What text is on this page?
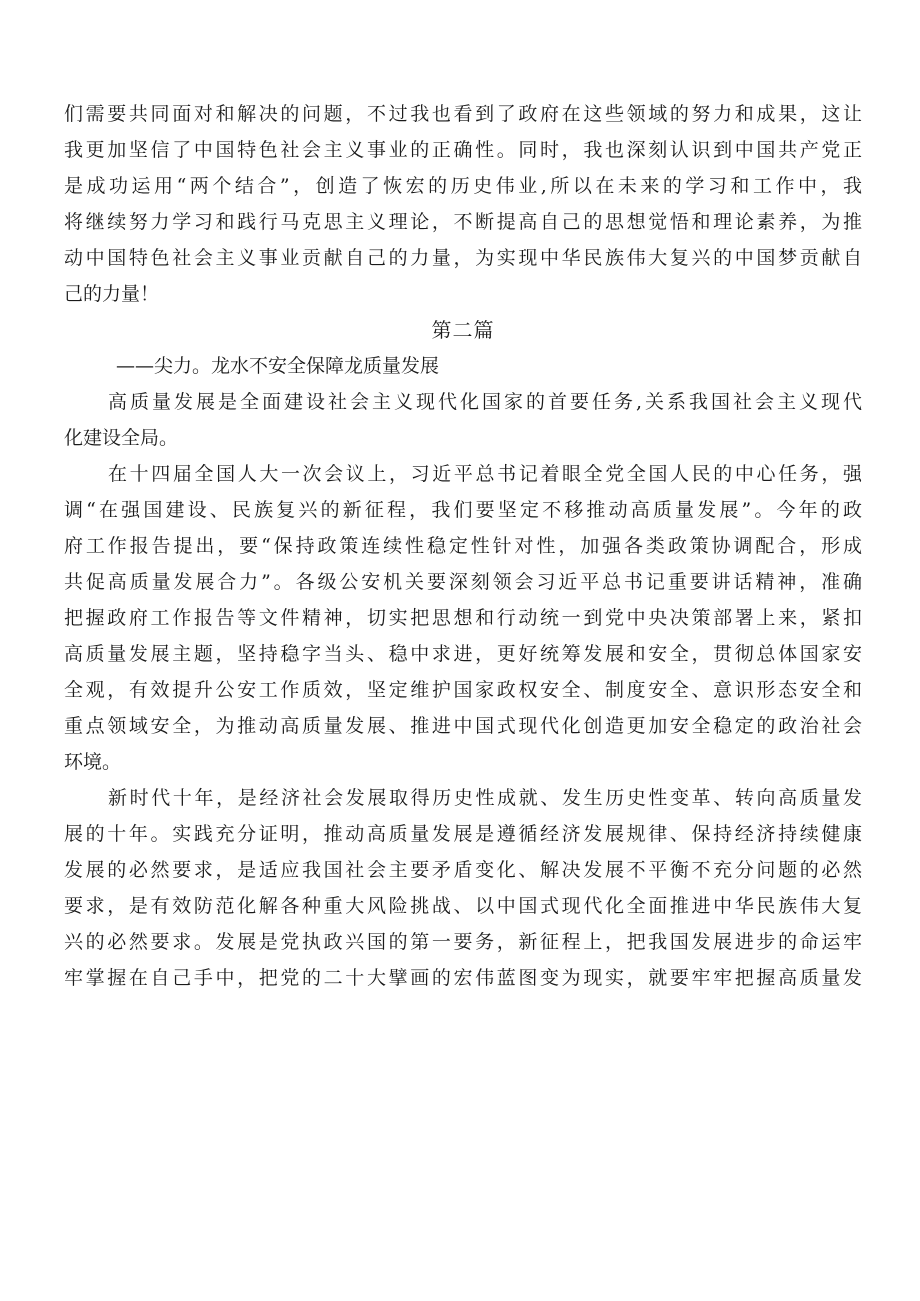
们需要共同面对和解决的问题，不过我也看到了政府在这些领域的努力和成果，这让
我更加坚信了中国特色社会主义事业的正确性。同时，我也深刻认识到中国共产党正
是成功运用“两个结合”，创造了恢宏的历史伟业,所以在未来的学习和工作中，我
将继续努力学习和践行马克思主义理论，不断提高自己的思想觉悟和理论素养，为推
动中国特色社会主义事业贡献自己的力量，为实现中华民族伟大复兴的中国梦贡献自
己的力量！
第二篇
——尖力。龙水不安全保障龙质量发展
高质量发展是全面建设社会主义现代化国家的首要任务,关系我国社会主义现代
化建设全局。
在十四届全国人大一次会议上，习近平总书记着眼全党全国人民的中心任务，强
调“在强国建设、民族复兴的新征程，我们要坚定不移推动高质量发展”。今年的政
府工作报告提出，要“保持政策连续性稳定性针对性，加强各类政策协调配合，形成
共促高质量发展合力”。各级公安机关要深刻领会习近平总书记重要讲话精神，准确
把握政府工作报告等文件精神，切实把思想和行动统一到党中央决策部署上来，紧扣
高质量发展主题，坚持稳字当头、稳中求进，更好统筹发展和安全，贯彻总体国家安
全观，有效提升公安工作质效，坚定维护国家政权安全、制度安全、意识形态安全和
重点领域安全，为推动高质量发展、推进中国式现代化创造更加安全稳定的政治社会
环境。
新时代十年，是经济社会发展取得历史性成就、发生历史性变革、转向高质量发
展的十年。实践充分证明，推动高质量发展是遵循经济发展规律、保持经济持续健康
发展的必然要求，是适应我国社会主要矛盾变化、解决发展不平衡不充分问题的必然
要求，是有效防范化解各种重大风险挑战、以中国式现代化全面推进中华民族伟大复
兴的必然要求。发展是党执政兴国的第一要务，新征程上，把我国发展进步的命运牢
牢掌握在自己手中，把党的二十大擘画的宏伟蓝图变为现实，就要牢牢把握高质量发
